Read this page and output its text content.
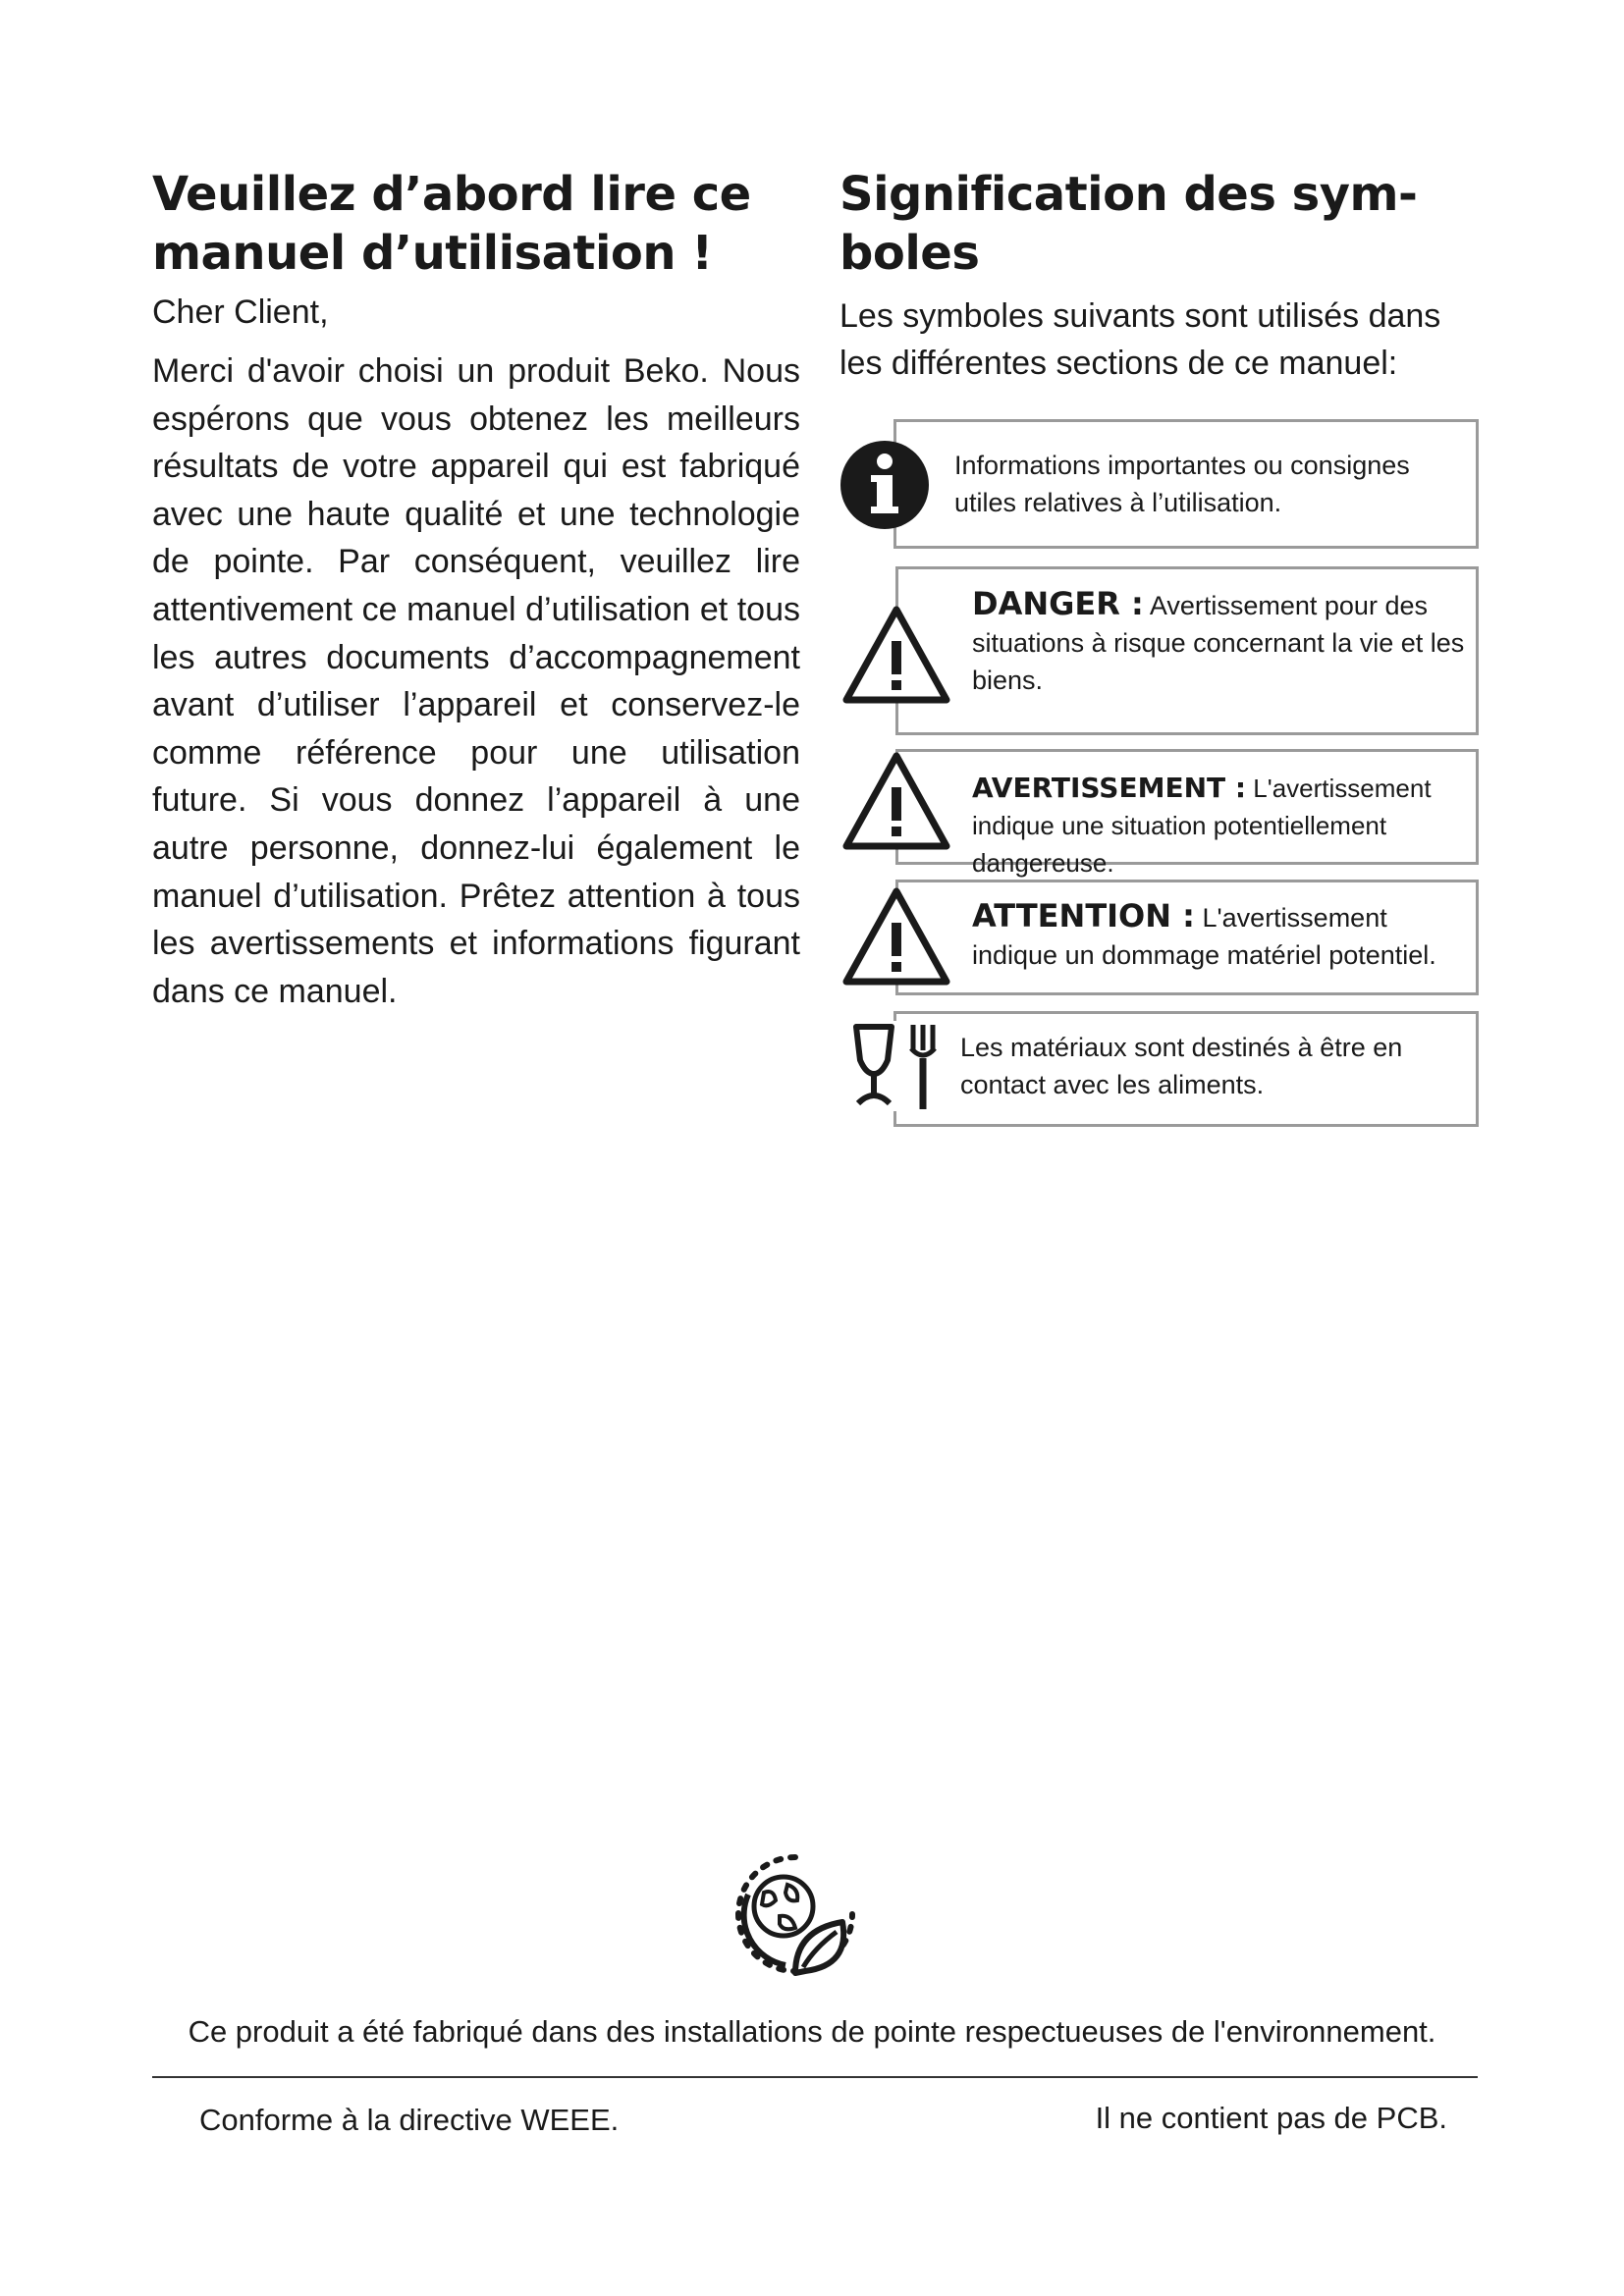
Veuillez d’abord lire ce
manuel d’utilisation !

Cher Client,

Merci d'avoir choisi un produit Beko. Nous espérons que vous obtenez les meilleurs résultats de votre appareil qui est fabriqué avec une haute qualité et une technologie de pointe. Par conséquent, veuillez lire attentivement ce manuel d’utilisation et tous les autres documents d’accompagnement avant d’utiliser l’appareil et conservez-le comme référence pour une utilisation future. Si vous donnez l’appareil à une autre personne, donnez-lui également le manuel d’utilisation. Prêtez attention à tous les avertissements et informations figurant dans ce manuel.

Signification des sym-
boles

Les symboles suivants sont utilisés dans les différentes sections de ce manuel:

Informations importantes ou consignes utiles relatives à l’utilisation.
DANGER : Avertissement pour des situations à risque concernant la vie et les biens.
AVERTISSEMENT : L'avertissement indique une situation potentiellement dangereuse.
ATTENTION : L'avertissement indique un dommage matériel potentiel.
Les matériaux sont destinés à être en contact avec les aliments.
Ce produit a été fabriqué dans des installations de pointe respectueuses de l'environnement.
Conforme à la directive WEEE.	Il ne contient pas de PCB.
